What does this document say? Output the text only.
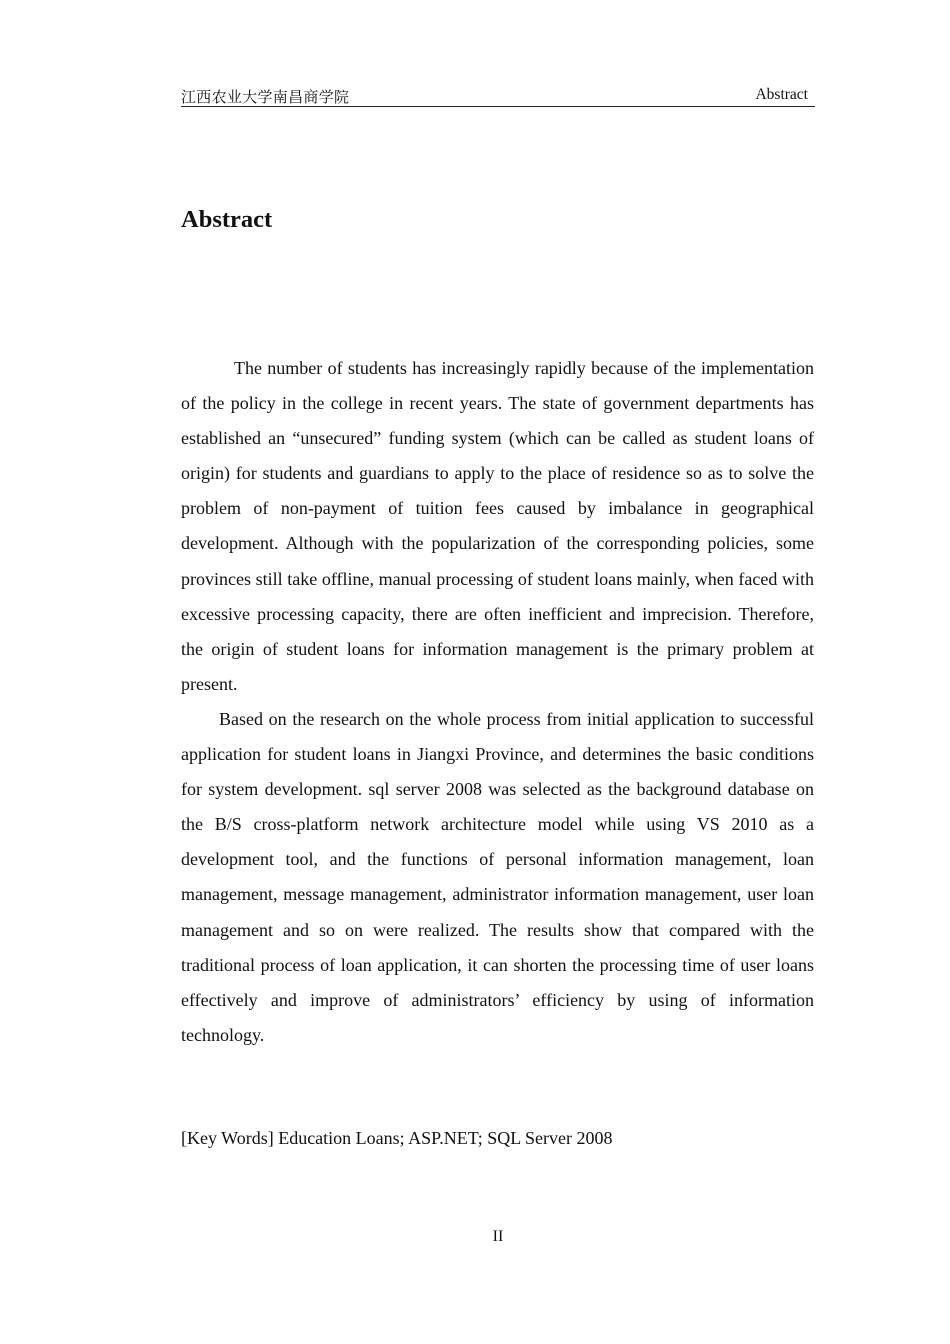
江西农业大学南昌商学院	Abstract
Abstract

The number of students has increasingly rapidly because of the implementation of the policy in the college in recent years. The state of government departments has established an “unsecured” funding system (which can be called as student loans of origin) for students and guardians to apply to the place of residence so as to solve the problem of non-payment of tuition fees caused by imbalance in geographical development. Although with the popularization of the corresponding policies, some provinces still take offline, manual processing of student loans mainly, when faced with excessive processing capacity, there are often inefficient and imprecision. Therefore, the origin of student loans for information management is the primary problem at present.

Based on the research on the whole process from initial application to successful application for student loans in Jiangxi Province, and determines the basic conditions for system development. sql server 2008 was selected as the background database on the B/S cross-platform network architecture model while using VS 2010 as a development tool, and the functions of personal information management, loan management, message management, administrator information management, user loan management and so on were realized. The results show that compared with the traditional process of loan application, it can shorten the processing time of user loans effectively and improve of administrators’ efficiency by using of information technology.

[Key Words] Education Loans; ASP.NET; SQL Server 2008
II
